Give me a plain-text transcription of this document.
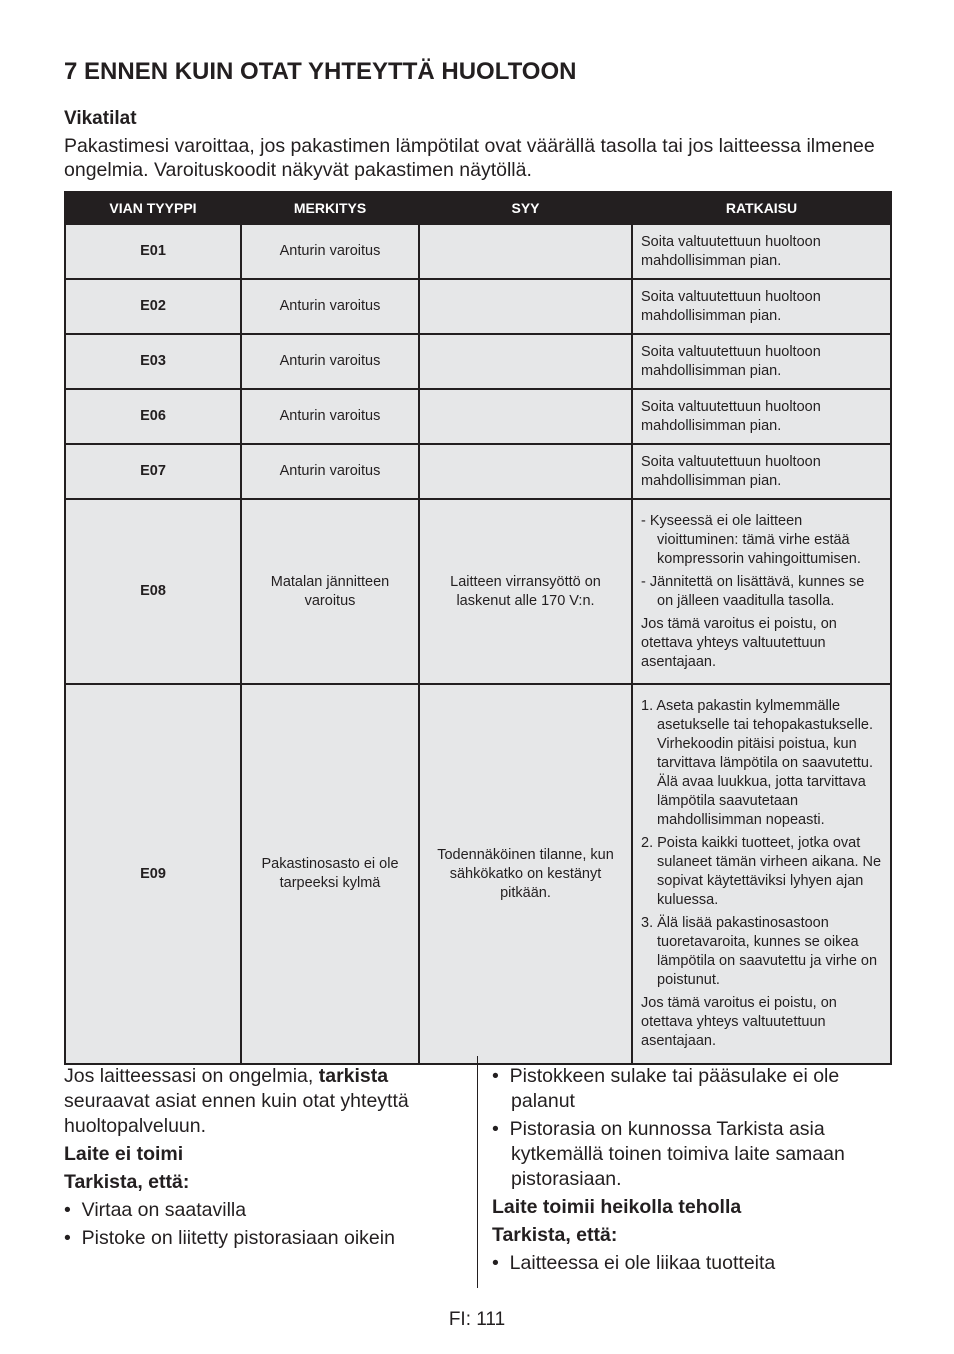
7 ENNEN KUIN OTAT YHTEYTTÄ HUOLTOON
Vikatilat
Pakastimesi varoittaa, jos pakastimen lämpötilat ovat väärällä tasolla tai jos laitteessa ilmenee ongelmia. Varoituskoodit näkyvät pakastimen näytöllä.
VIAN TYYPPI	MERKITYS	SYY	RATKAISU
E01	Anturin varoitus		Soita valtuutettuun huoltoon mahdollisimman pian.
E02	Anturin varoitus		Soita valtuutettuun huoltoon mahdollisimman pian.
E03	Anturin varoitus		Soita valtuutettuun huoltoon mahdollisimman pian.
E06	Anturin varoitus		Soita valtuutettuun huoltoon mahdollisimman pian.
E07	Anturin varoitus		Soita valtuutettuun huoltoon mahdollisimman pian.
E08	Matalan jännitteen varoitus	Laitteen virransyöttö on laskenut alle 170 V:n.	- Kyseessä ei ole laitteen vioittuminen: tämä virhe estää kompressorin vahingoittumisen.

- Jännitettä on lisättävä, kunnes se on jälleen vaaditulla tasolla.

Jos tämä varoitus ei poistu, on otettava yhteys valtuutettuun asentajaan.

E09	Pakastinosasto ei ole tarpeeksi kylmä	Todennäköinen tilanne, kun sähkökatko on kestänyt pitkään.	1. Aseta pakastin kylmemmälle asetukselle tai tehopakastukselle. Virhekoodin pitäisi poistua, kun tarvittava lämpötila on saavutettu. Älä avaa luukkua, jotta tarvittava lämpötila saavutetaan mahdollisimman nopeasti.

2. Poista kaikki tuotteet, jotka ovat sulaneet tämän virheen aikana. Ne sopivat käytettäviksi lyhyen ajan kuluessa.

3. Älä lisää pakastinosastoon tuoretavaroita, kunnes se oikea lämpötila on saavutettu ja virhe on poistunut.

Jos tämä varoitus ei poistu, on otettava yhteys valtuutettuun asentajaan.

Jos laitteessasi on ongelmia, tarkista seuraavat asiat ennen kuin otat yhteyttä huoltopalveluun.

Laite ei toimi

Tarkista, että:

•  Virtaa on saatavilla

•  Pistoke on liitetty pistorasiaan oikein

•  Pistokkeen sulake tai pääsulake ei ole palanut

•  Pistorasia on kunnossa Tarkista asia kytkemällä toinen toimiva laite samaan pistorasiaan.

Laite toimii heikolla teholla

Tarkista, että:

•  Laitteessa ei ole liikaa tuotteita

FI: 111
